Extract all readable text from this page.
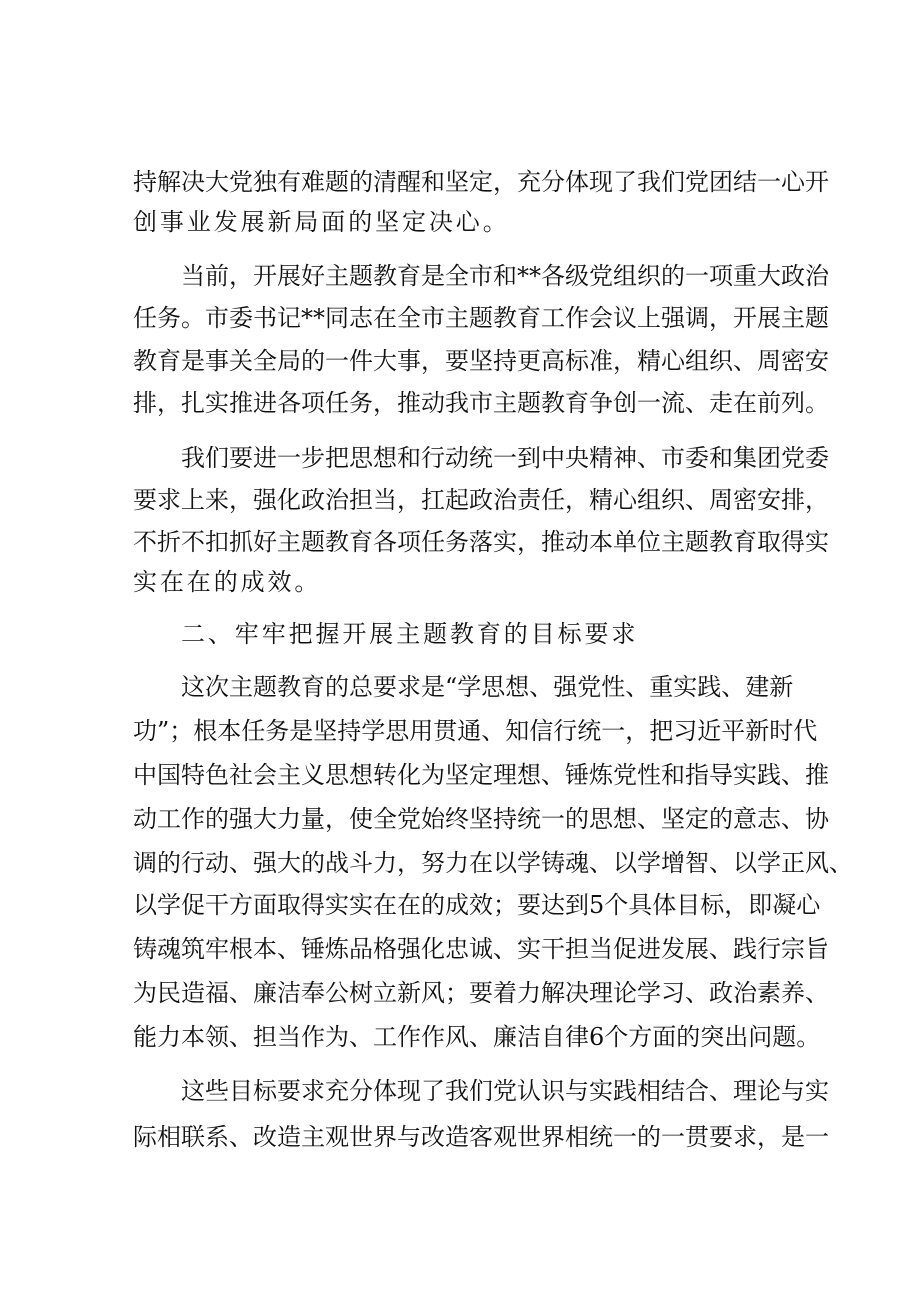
持解决大党独有难题的清醒和坚定，充分体现了我们党团结一心开
创事业发展新局面的坚定决心。
当前，开展好主题教育是全市和**各级党组织的一项重大政治
任务。市委书记**同志在全市主题教育工作会议上强调，开展主题
教育是事关全局的一件大事，要坚持更高标准，精心组织、周密安
排，扎实推进各项任务，推动我市主题教育争创一流、走在前列。
我们要进一步把思想和行动统一到中央精神、市委和集团党委
要求上来，强化政治担当，扛起政治责任，精心组织、周密安排，
不折不扣抓好主题教育各项任务落实，推动本单位主题教育取得实
实在在的成效。
二、牢牢把握开展主题教育的目标要求
这次主题教育的总要求是“学思想、强党性、重实践、建新
功”；根本任务是坚持学思用贯通、知信行统一，把习近平新时代
中国特色社会主义思想转化为坚定理想、锤炼党性和指导实践、推
动工作的强大力量，使全党始终坚持统一的思想、坚定的意志、协
调的行动、强大的战斗力，努力在以学铸魂、以学增智、以学正风、
以学促干方面取得实实在在的成效；要达到5个具体目标，即凝心
铸魂筑牢根本、锤炼品格强化忠诚、实干担当促进发展、践行宗旨
为民造福、廉洁奉公树立新风；要着力解决理论学习、政治素养、
能力本领、担当作为、工作作风、廉洁自律6个方面的突出问题。
这些目标要求充分体现了我们党认识与实践相结合、理论与实
际相联系、改造主观世界与改造客观世界相统一的一贯要求，是一
